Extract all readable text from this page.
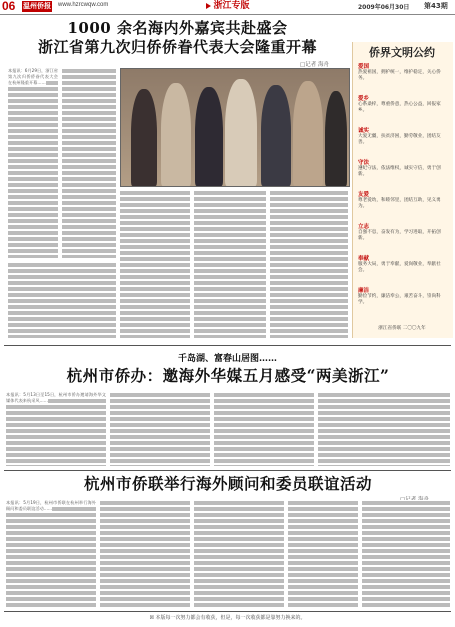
06 温州侨报 www.hzrcwqw.com	浙江专版	2009年06月30日 第43期
1000 余名海内外嘉宾共赴盛会
浙江省第九次归侨侨眷代表大会隆重开幕
□记者 海舟
本报讯：6月29日，浙江省第九次归侨侨眷代表大会在杭州隆重开幕……
侨界文明公约
爱国
热爱祖国，拥护统一，维护稳定，关心侨务。
爱乡
心系桑梓，尊重侨意，热心公益，回报家乡。
诚实
大爱无疆，扶贫济困，勤劳敬业，团结友善。
守法
遵纪守法，依法维权，诚实守信，勇于创新。
友爱
尊老爱幼，和睦邻里，团结互助，见义勇为。
立志
自强不息，奋发有为，学习进取，开拓创新。
奉献
服务大局，勇于奉献，爱岗敬业，奉献社会。
廉洁
勤俭节约，廉洁奉公，艰苦奋斗，崇尚科学。
浙江省侨联 二〇〇九年
千岛湖、富春山居图……
杭州市侨办：邀海外华媒五月感受“两美浙江”
本报讯：5月13日至15日，杭州市侨办邀请海外华文媒体代表来杭采风……
杭州市侨联举行海外顾问和委员联谊活动
本报讯：5月19日，杭州市侨联在杭州举行海外顾问和委员联谊活动……
☒ 本版每一次努力都会有收获，但是，每一次收获都是靠努力换来的。
